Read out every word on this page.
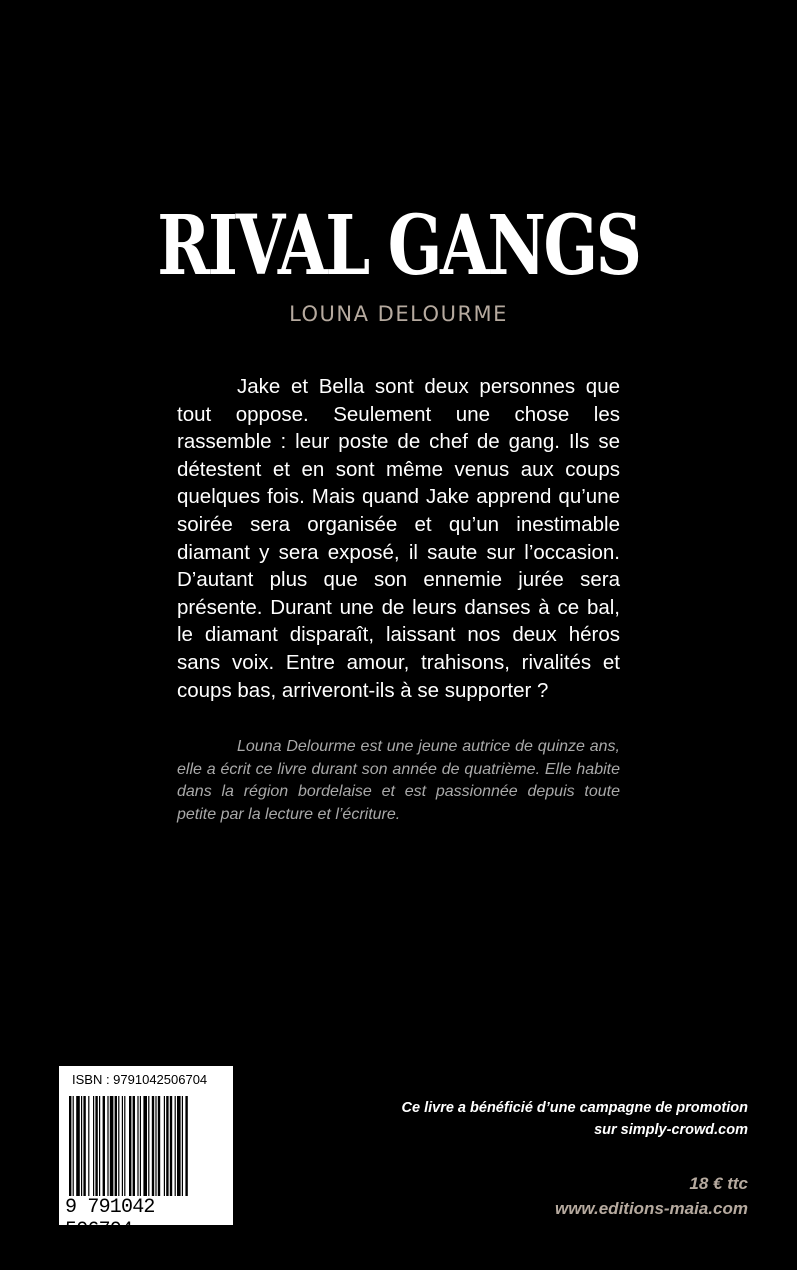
RIVAL GANGS
LOUNA DELOURME

Jake et Bella sont deux personnes que tout oppose. Seulement une chose les rassemble : leur poste de chef de gang. Ils se détestent et en sont même venus aux coups quelques fois. Mais quand Jake apprend qu’une soirée sera organisée et qu’un inestimable diamant y sera exposé, il saute sur l’occasion. D’autant plus que son ennemie jurée sera présente. Durant une de leurs danses à ce bal, le diamant disparaît, laissant nos deux héros sans voix. Entre amour, trahisons, rivalités et coups bas, arriveront-ils à se supporter ?

Louna Delourme est une jeune autrice de quinze ans, elle a écrit ce livre durant son année de quatrième. Elle habite dans la région bordelaise et est passionnée depuis toute petite par la lecture et l’écriture.

ISBN : 9791042506704
9 791042 506704

Ce livre a bénéficié d’une campagne de promotion
sur simply-crowd.com

18 € ttc
www.editions-maia.com
